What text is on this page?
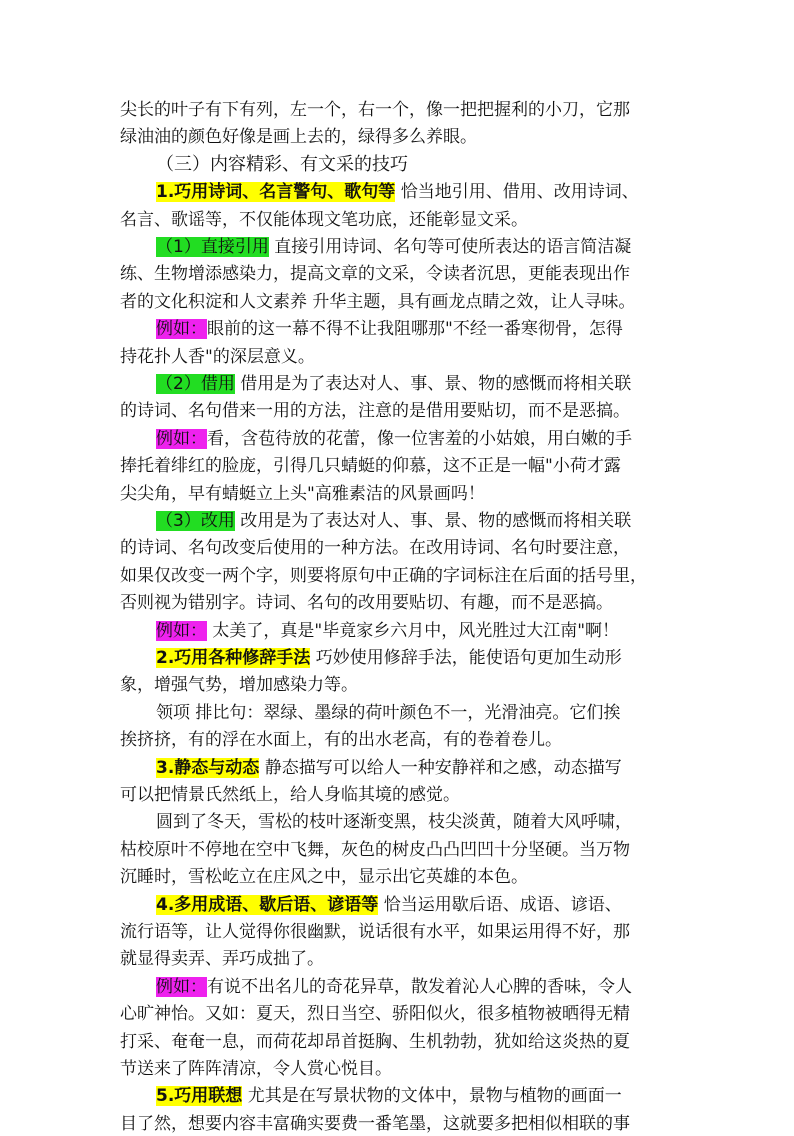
尖长的叶子有下有列，左一个，右一个，像一把把握利的小刀，它那
绿油油的颜色好像是画上去的，绿得多么养眼。
（三）内容精彩、有文采的技巧
1.巧用诗词、名言警句、歌句等 恰当地引用、借用、改用诗词、
名言、歌谣等，不仅能体现文笔功底，还能彰显文采。
（1）直接引用 直接引用诗词、名句等可使所表达的语言简洁凝
练、生物增添感染力，提高文章的文采，令读者沉思，更能表现出作
者的文化积淀和人文素养 升华主题，具有画龙点睛之效，让人寻味。
例如：眼前的这一幕不得不让我阻哪那"不经一番寒彻骨，怎得
持花扑人香"的深层意义。
（2）借用 借用是为了表达对人、事、景、物的感慨而将相关联
的诗词、名句借来一用的方法，注意的是借用要贴切，而不是恶搞。
例如：看，含苞待放的花蕾，像一位害羞的小姑娘，用白嫩的手
捧托着绯红的脸庞，引得几只蜻蜓的仰慕，这不正是一幅"小荷才露
尖尖角，早有蜻蜓立上头"高雅素洁的风景画吗！
（3）改用 改用是为了表达对人、事、景、物的感慨而将相关联
的诗词、名句改变后使用的一种方法。在改用诗词、名句时要注意，
如果仅改变一两个字，则要将原句中正确的字词标注在后面的括号里，
否则视为错别字。诗词、名句的改用要贴切、有趣，而不是恶搞。
例如： 太美了，真是"毕竟家乡六月中，风光胜过大江南"啊！
2.巧用各种修辞手法 巧妙使用修辞手法，能使语句更加生动形
象，增强气势，增加感染力等。
领项 排比句：翠绿、墨绿的荷叶颜色不一，光滑油亮。它们挨
挨挤挤，有的浮在水面上，有的出水老高，有的卷着卷儿。
3.静态与动态 静态描写可以给人一种安静祥和之感，动态描写
可以把情景氏然纸上，给人身临其境的感觉。
圆到了冬天，雪松的枝叶逐渐变黑，枝尖淡黄，随着大风呼啸，
枯校原叶不停地在空中飞舞，灰色的树皮凸凸凹凹十分坚硬。当万物
沉睡时，雪松屹立在庄风之中，显示出它英雄的本色。
4.多用成语、歇后语、谚语等 恰当运用歇后语、成语、谚语、
流行语等，让人觉得你很幽默，说话很有水平，如果运用得不好，那
就显得卖弄、弄巧成拙了。
例如：有说不出名儿的奇花异草，散发着沁人心脾的香味，令人
心旷神怡。又如：夏天，烈日当空、骄阳似火，很多植物被晒得无精
打采、奄奄一息，而荷花却昂首挺胸、生机勃勃，犹如给这炎热的夏
节送来了阵阵清凉，令人赏心悦目。
5.巧用联想 尤其是在写景状物的文体中，景物与植物的画面一
目了然，想要内容丰富确实要费一番笔墨，这就要多把相似相联的事
